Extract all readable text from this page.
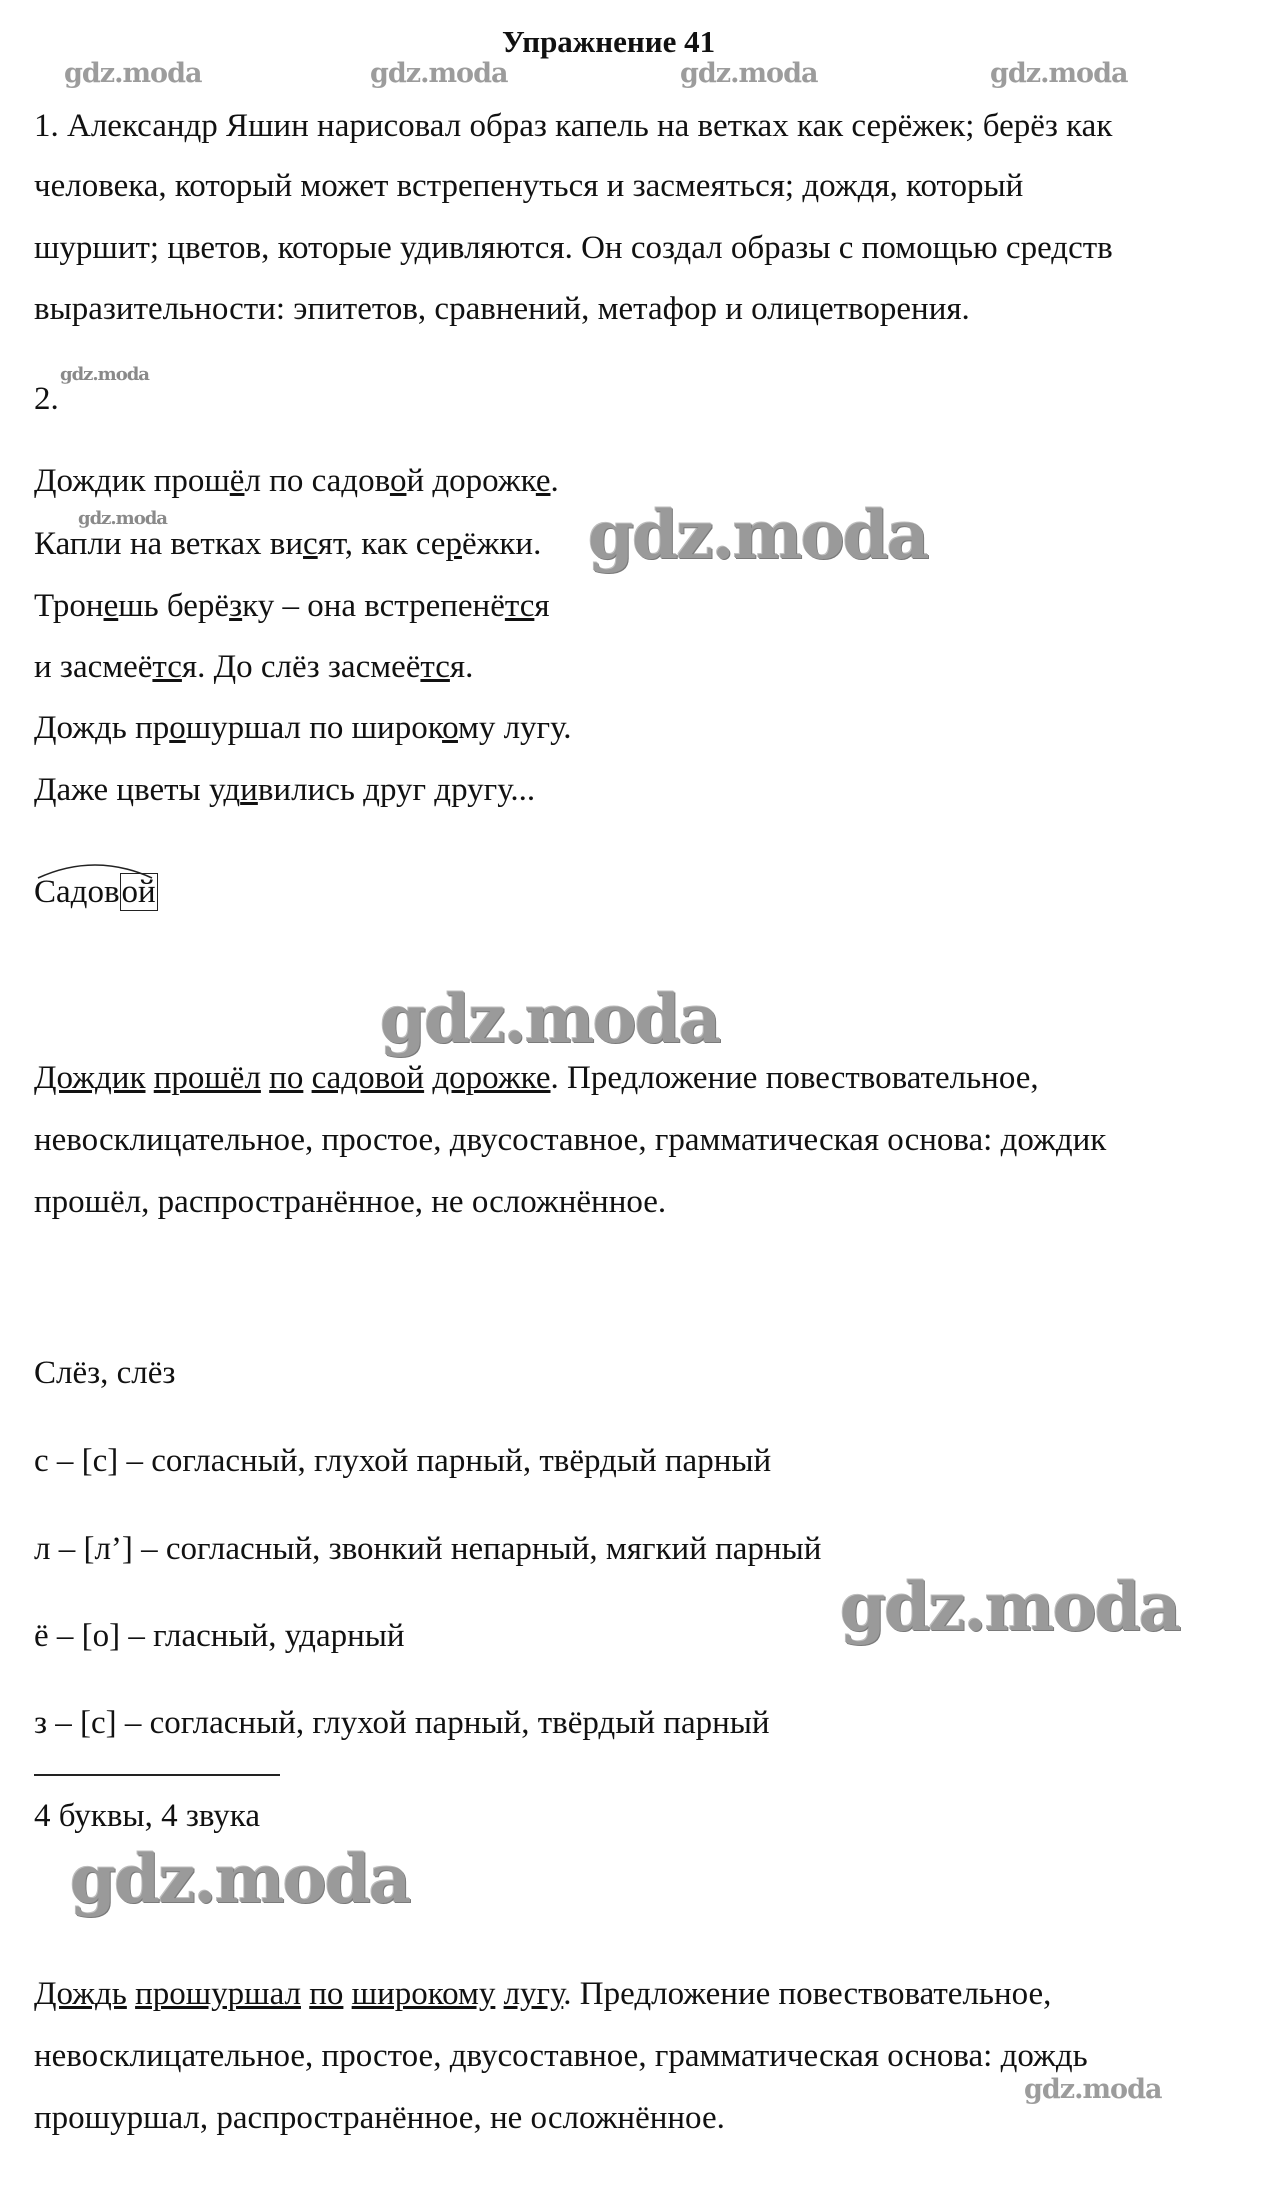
Упражнение 41
gdz.moda	gdz.moda	gdz.moda	gdz.moda
1. Александр Яшин нарисовал образ капель на ветках как серёжек; берёз как
человека, который может встрепенуться и засмеяться; дождя, который
шуршит; цветов, которые удивляются. Он создал образы с помощью средств
выразительности: эпитетов, сравнений, метафор и олицетворения.
2.
gdz.moda
Дождик прошёл по садовой дорожке.
gdz.moda
Капли на ветках висят, как серёжки. gdz.moda
Тронешь берёзку – она встрепенётся
и засмеётся. До слёз засмеётся.
Дождь прошуршал по широкому лугу.
Даже цветы удивились друг другу...
Садовой
gdz.moda
Дождик прошёл по садовой дорожке. Предложение повествовательное,
невосклицательное, простое, двусоставное, грамматическая основа: дождик
прошёл, распространённое, не осложнённое.
Слёз, слёз
с – [с] – согласный, глухой парный, твёрдый парный
л – [л’] – согласный, звонкий непарный, мягкий парный
gdz.moda
ё – [о] – гласный, ударный
з – [с] – согласный, глухой парный, твёрдый парный
4 буквы, 4 звука
gdz.moda
Дождь прошуршал по широкому лугу. Предложение повествовательное,
невосклицательное, простое, двусоставное, грамматическая основа: дождь
gdz.moda
прошуршал, распространённое, не осложнённое.
